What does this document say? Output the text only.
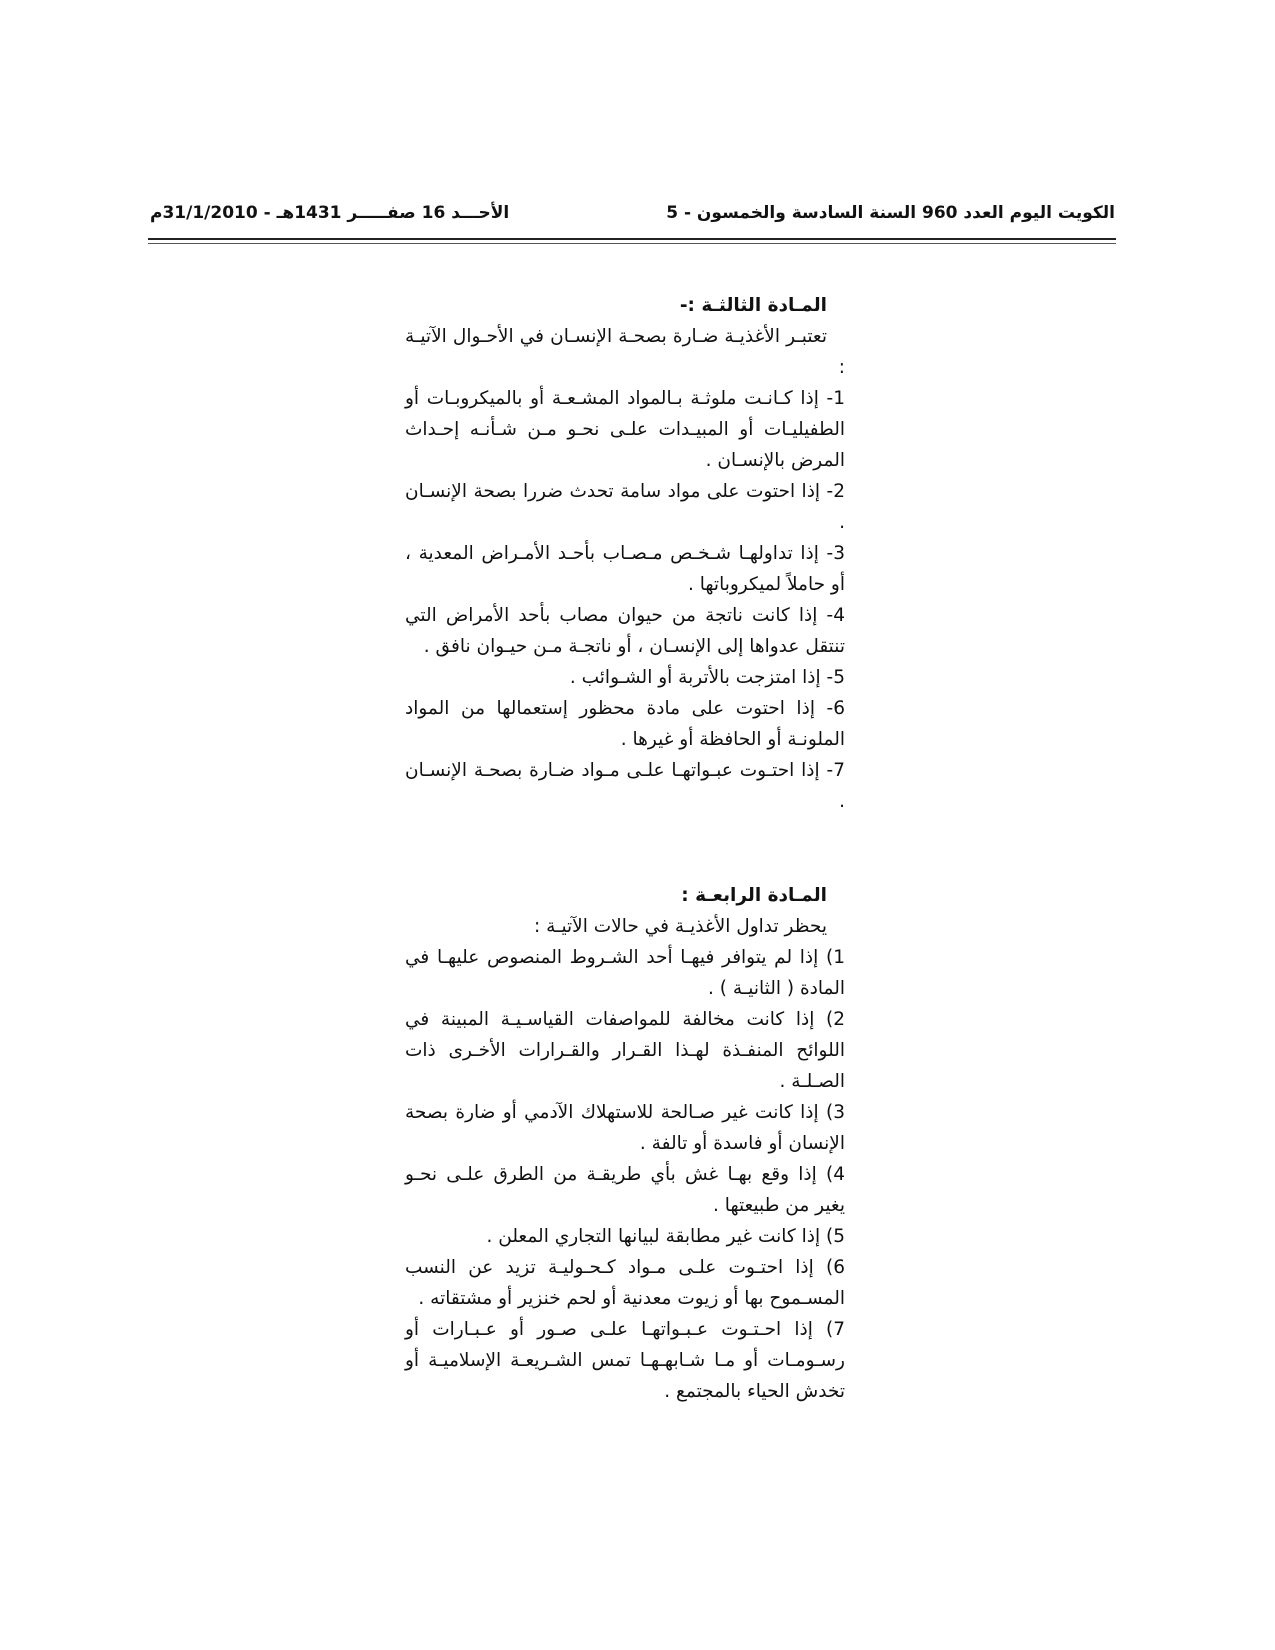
الكويت اليوم العدد 960 السنة السادسة والخمسون - 5
الأحـــد 16 صفـــــر 1431هـ - 31/1/2010م

المـادة الثالثـة :-

تعتبـر الأغذيـة ضـارة بصحـة الإنسـان في الأحـوال الآتيـة :

1- إذا كـانـت ملوثـة بـالمواد المشـعـة أو بالميكروبـات أو الطفيليـات أو المبيـدات علـى نحـو مـن شـأنـه إحـداث المرض بالإنسـان .

2- إذا احتوت على مواد سامة تحدث ضررا بصحة الإنسـان .

3- إذا تداولهـا شـخـص مـصـاب بأحـد الأمـراض المعدية ، أو حاملاً لميكروباتها .

4- إذا كانت ناتجة من حيوان مصاب بأحد الأمراض التي تنتقل عدواها إلى الإنسـان ، أو ناتجـة مـن حيـوان نافق .

5- إذا امتزجت بالأتربة أو الشـوائب .

6- إذا احتوت على مادة محظور إستعمالها من المواد الملونـة أو الحافظة أو غيرها .

7- إذا احتـوت عبـواتهـا علـى مـواد ضـارة بصحـة الإنسـان .

المـادة الرابعـة :

يحظر تداول الأغذيـة في حالات الآتيـة :

1) إذا لم يتوافر فيهـا أحد الشـروط المنصوص عليهـا في المادة ( الثانيـة ) .

2) إذا كانت مخالفة للمواصفات القياسـيـة المبينة في اللوائح المنفـذة لهـذا القـرار والقـرارات الأخـرى ذات الصـلـة .

3) إذا كانت غير صـالحة للاستهلاك الآدمي أو ضارة بصحة الإنسان أو فاسدة أو تالفة .

4) إذا وقع بهـا غش بأي طريقـة من الطرق علـى نحـو يغير من طبيعتها .

5) إذا كانت غير مطابقة لبيانها التجاري المعلن .

6) إذا احتـوت علـى مـواد كـحـوليـة تزيد عن النسب المسـموح بها أو زيوت معدنية أو لحم خنزير أو مشتقاته .

7) إذا احـتـوت عـبـواتهـا علـى صـور أو عـبـارات أو رسـومـات أو مـا شـابهـهـا تمس الشـريعـة الإسلاميـة أو تخدش الحياء بالمجتمع .
